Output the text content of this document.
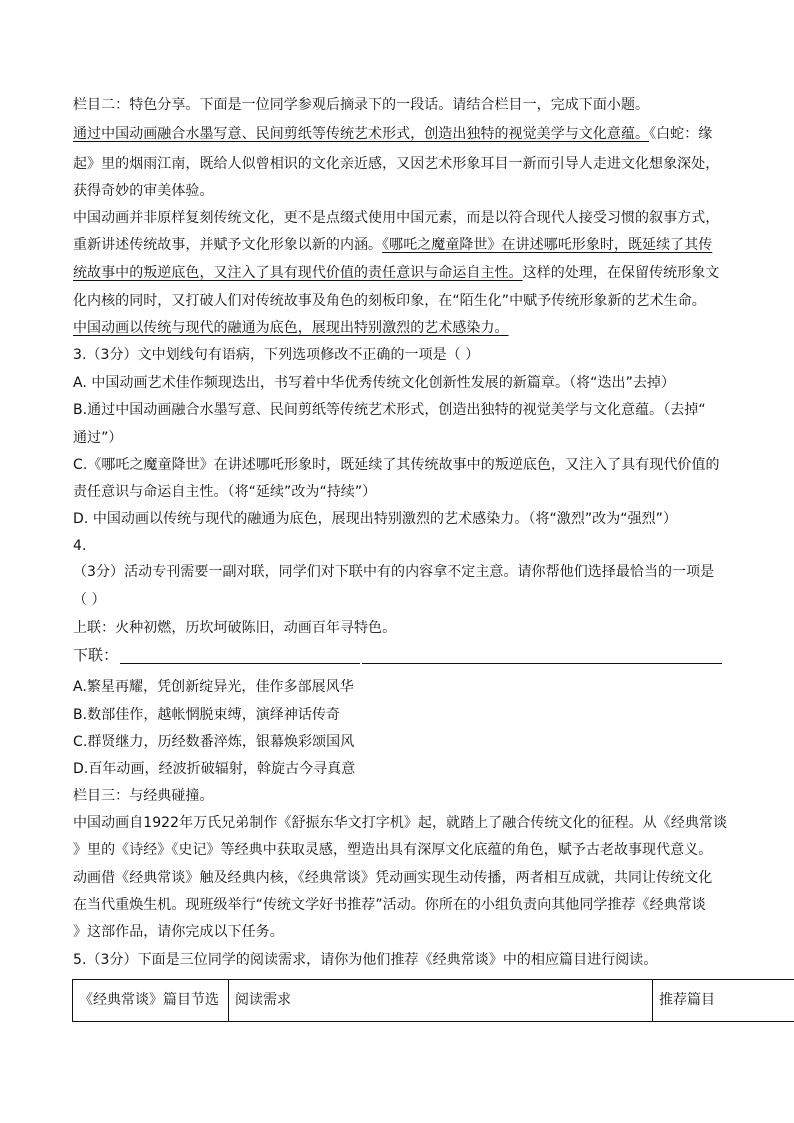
栏目二：特色分享。下面是一位同学参观后摘录下的一段话。请结合栏目一，完成下面小题。
通过中国动画融合水墨写意、民间剪纸等传统艺术形式，创造出独特的视觉美学与文化意蕴。《白蛇：缘
起》里的烟雨江南，既给人似曾相识的文化亲近感，又因艺术形象耳目一新而引导人走进文化想象深处，
获得奇妙的审美体验。
中国动画并非原样复刻传统文化，更不是点缀式使用中国元素，而是以符合现代人接受习惯的叙事方式，
重新讲述传统故事，并赋予文化形象以新的内涵。《哪吒之魔童降世》在讲述哪吒形象时，既延续了其传
统故事中的叛逆底色，又注入了具有现代价值的责任意识与命运自主性。这样的处理，在保留传统形象文
化内核的同时，又打破人们对传统故事及角色的刻板印象，在“陌生化”中赋予传统形象新的艺术生命。
中国动画以传统与现代的融通为底色，展现出特别激烈的艺术感染力。
3.（3分）文中划线句有语病，下列选项修改不正确的一项是（ ）
A. 中国动画艺术佳作频现迭出，书写着中华优秀传统文化创新性发展的新篇章。（将“迭出”去掉）
B.通过中国动画融合水墨写意、民间剪纸等传统艺术形式，创造出独特的视觉美学与文化意蕴。（去掉“
通过”）
C.《哪吒之魔童降世》在讲述哪吒形象时，既延续了其传统故事中的叛逆底色，又注入了具有现代价值的
责任意识与命运自主性。（将“延续”改为“持续”）
D. 中国动画以传统与现代的融通为底色，展现出特别激烈的艺术感染力。（将“激烈”改为“强烈”）
4.
（3分）活动专刊需要一副对联，同学们对下联中有的内容拿不定主意。请你帮他们选择最恰当的一项是
（ ）
上联：火种初燃，历坎坷破陈旧，动画百年寻特色。
下联：
A.繁星再耀，凭创新绽异光，佳作多部展风华
B.数部佳作，越帐惘脱束缚，演绎神话传奇
C.群贤继力，历经数番淬炼，银幕焕彩颂国风
D.百年动画，经波折破辐射，斡旋古今寻真意
栏目三：与经典碰撞。
中国动画自1922年万氏兄弟制作《舒振东华文打字机》起，就踏上了融合传统文化的征程。从《经典常谈
》里的《诗经》《史记》等经典中获取灵感，塑造出具有深厚文化底蕴的角色，赋予古老故事现代意义。
动画借《经典常谈》触及经典内核，《经典常谈》凭动画实现生动传播，两者相互成就，共同让传统文化
在当代重焕生机。现班级举行“传统文学好书推荐”活动。你所在的小组负责向其他同学推荐《经典常谈
》这部作品，请你完成以下任务。
5.（3分）下面是三位同学的阅读需求，请你为他们推荐《经典常谈》中的相应篇目进行阅读。
《经典常谈》篇目节选	阅读需求	推荐篇目
